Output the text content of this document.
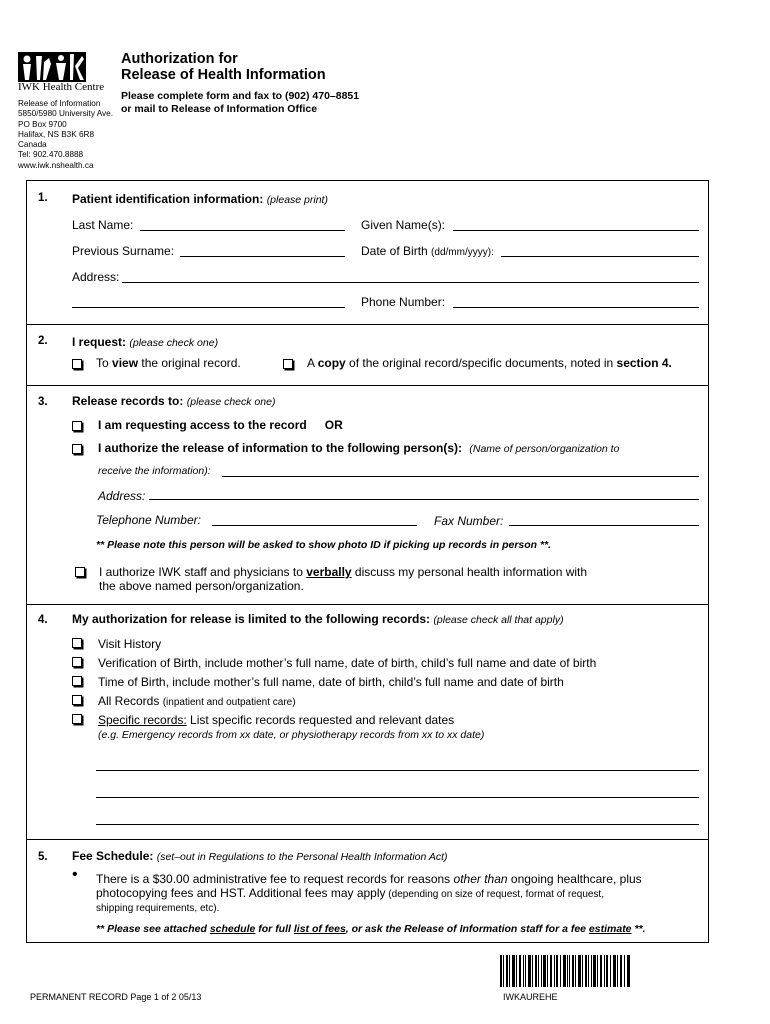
IWK Health Centre
Release of Information
5850/5980 University Ave.
PO Box 9700
Halifax, NS B3K 6R8
Canada
Tel: 902.470.8888
www.iwk.nshealth.ca
Authorization for
Release of Health Information
Please complete form and fax to (902) 470–8851
or mail to Release of Information Office
1. Patient identification information: (please print)
Last Name:	Given Name(s):
Previous Surname:	Date of Birth (dd/mm/yyyy):
Address:
Phone Number:
2. I request: (please check one)
To view the original record.	A copy of the original record/specific documents, noted in section 4.
3. Release records to: (please check one)
I am requesting access to the record OR
I authorize the release of information to the following person(s): (Name of person/organization to
receive the information):
Address:
Telephone Number:	Fax Number:
** Please note this person will be asked to show photo ID if picking up records in person **.
I authorize IWK staff and physicians to verbally discuss my personal health information with
the above named person/organization.
4. My authorization for release is limited to the following records: (please check all that apply)
Visit History
Verification of Birth, include mother’s full name, date of birth, child’s full name and date of birth
Time of Birth, include mother’s full name, date of birth, child’s full name and date of birth
All Records (inpatient and outpatient care)
Specific records: List specific records requested and relevant dates
(e.g. Emergency records from xx date, or physiotherapy records from xx to xx date)
5. Fee Schedule: (set–out in Regulations to the Personal Health Information Act)
• There is a $30.00 administrative fee to request records for reasons other than ongoing healthcare, plus
photocopying fees and HST. Additional fees may apply (depending on size of request, format of request,
shipping requirements, etc).
** Please see attached schedule for full list of fees, or ask the Release of Information staff for a fee estimate **.
PERMANENT RECORD Page 1 of 2 05/13	IWKAUREHE
